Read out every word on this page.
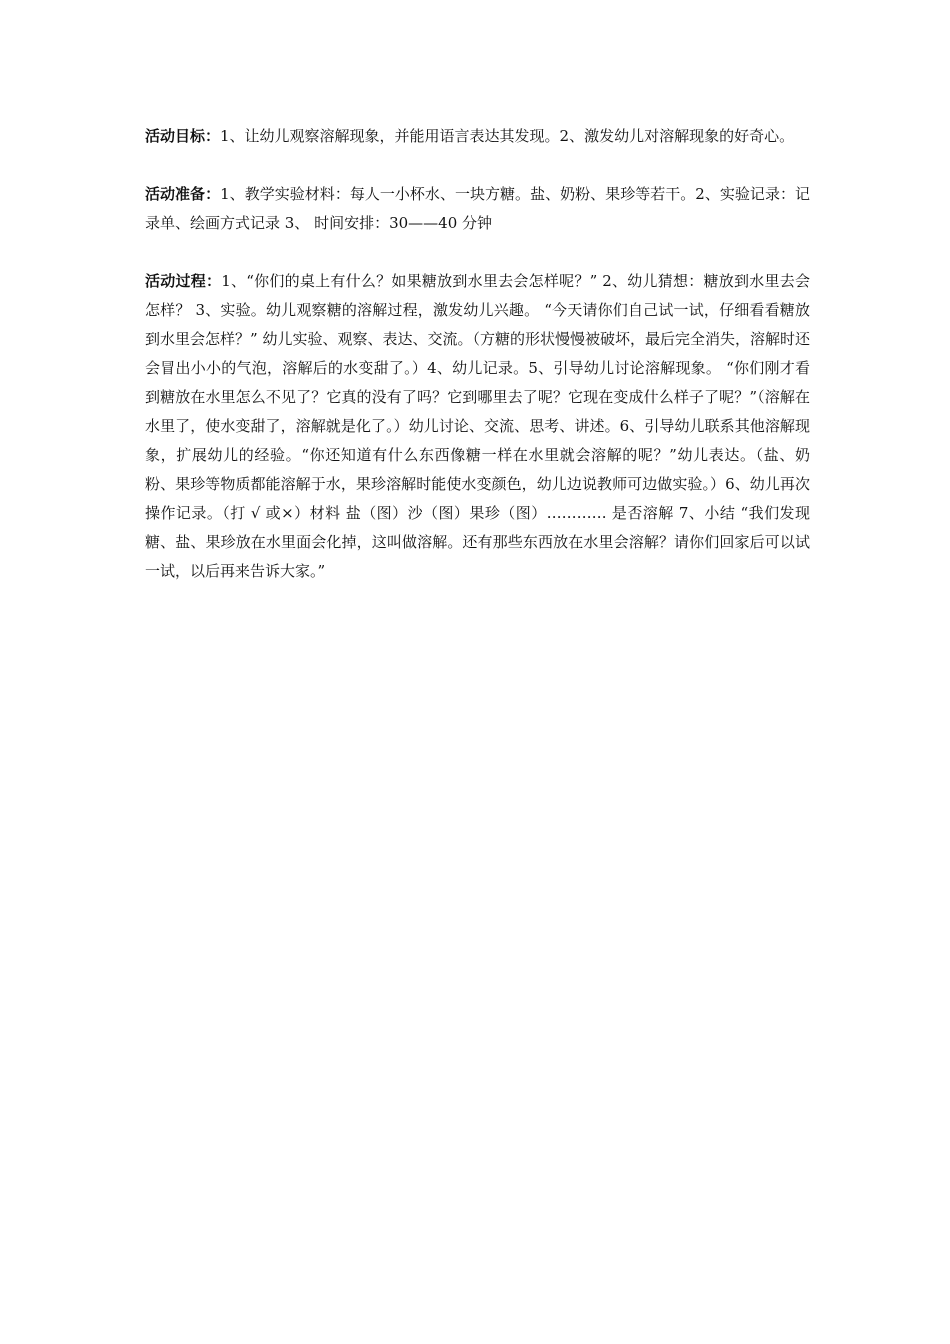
活动目标：1、让幼儿观察溶解现象，并能用语言表达其发现。2、激发幼儿对溶解现象的好奇心。

活动准备：1、教学实验材料：每人一小杯水、一块方糖。盐、奶粉、果珍等若干。2、实验记录：记录单、绘画方式记录 3、 时间安排：30——40 分钟

活动过程：1、“你们的桌上有什么？如果糖放到水里去会怎样呢？” 2、幼儿猜想：糖放到水里去会怎样？ 3、实验。幼儿观察糖的溶解过程，激发幼儿兴趣。 “今天请你们自己试一试，仔细看看糖放到水里会怎样？” 幼儿实验、观察、表达、交流。（方糖的形状慢慢被破坏，最后完全消失，溶解时还会冒出小小的气泡，溶解后的水变甜了。）4、幼儿记录。5、引导幼儿讨论溶解现象。 “你们刚才看到糖放在水里怎么不见了？它真的没有了吗？它到哪里去了呢？它现在变成什么样子了呢？”（溶解在水里了，使水变甜了，溶解就是化了。）幼儿讨论、交流、思考、讲述。6、引导幼儿联系其他溶解现象，扩展幼儿的经验。“你还知道有什么东西像糖一样在水里就会溶解的呢？”幼儿表达。（盐、奶粉、果珍等物质都能溶解于水，果珍溶解时能使水变颜色，幼儿边说教师可边做实验。）6、幼儿再次操作记录。（打 √ 或×）材料 盐（图）沙（图）果珍（图）………… 是否溶解 7、小结 “我们发现糖、盐、果珍放在水里面会化掉，这叫做溶解。还有那些东西放在水里会溶解？请你们回家后可以试一试，以后再来告诉大家。”
